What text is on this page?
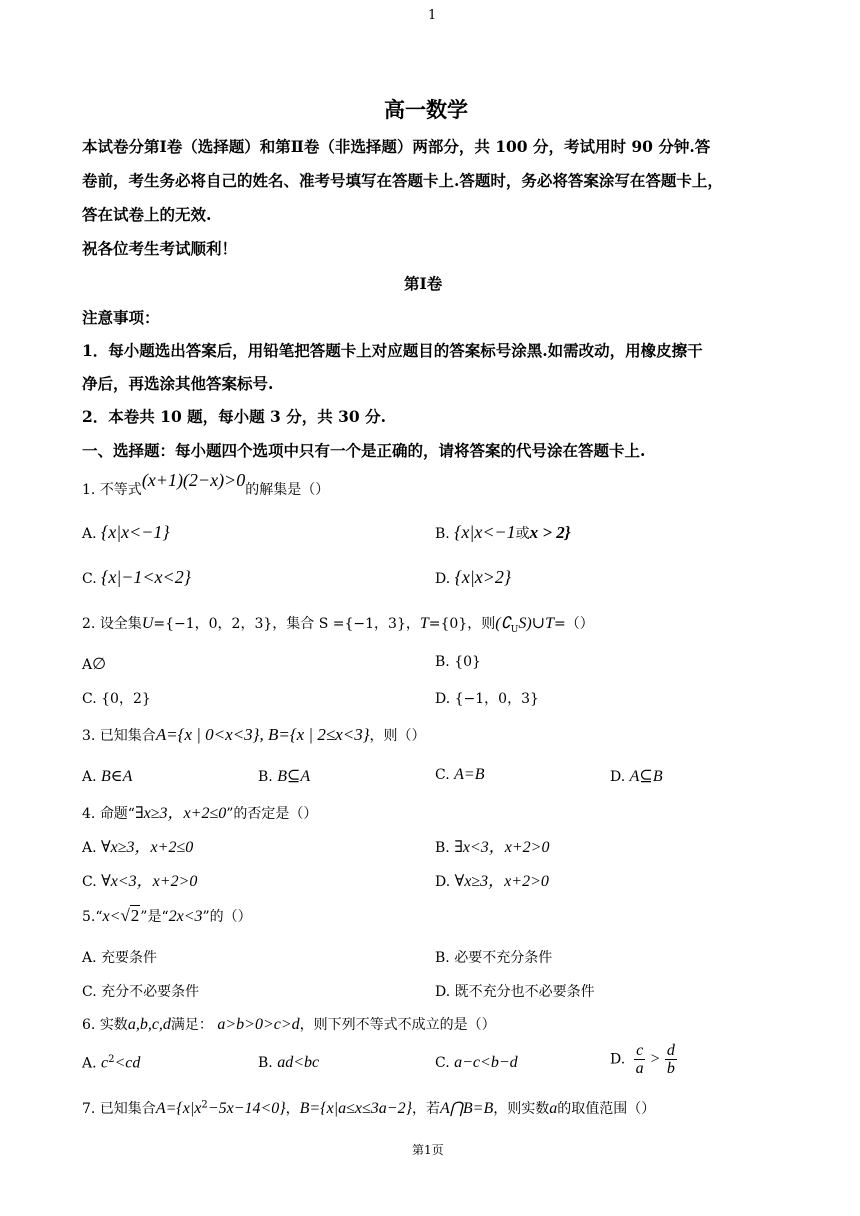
1
高一数学
本试卷分第Ⅰ卷（选择题）和第Ⅱ卷（非选择题）两部分，共 100 分，考试用时 90 分钟.答
卷前，考生务必将自己的姓名、准考号填写在答题卡上.答题时，务必将答案涂写在答题卡上，
答在试卷上的无效.
祝各位考生考试顺利！
第Ⅰ卷
注意事项：
1．每小题选出答案后，用铅笔把答题卡上对应题目的答案标号涂黑.如需改动，用橡皮擦干
净后，再选涂其他答案标号.
2．本卷共 10 题，每小题 3 分，共 30 分.
一、选择题：每小题四个选项中只有一个是正确的，请将答案的代号涂在答题卡上.
1. 不等式(x+1)(2−x)>0的解集是（）
A. {x|x<−1}	B. {x|x<−1或x > 2}
C. {x|−1<x<2}	D. {x|x>2}
2. 设全集U={−1，0，2，3}，集合 S ={−1，3}，T={0}，则$(∁_US)\cup T=()$
A∅	B. {0}
C. {0，2}	D. {−1，0，3}
3. 已知集合A={x | 0<x<3}, B={x | 2≤x<3}，则（）
A. B∈A	B. B⊆A	C. A=B	D. A⊆B
4. 命题“∃x≥3，x+2≤0”的否定是（）
A. ∀x≥3，x+2≤0	B. ∃x<3，x+2>0
C. ∀x<3，x+2>0	D. ∀x≥3，x+2>0
5.“x<√2”是“2x<3”的（）
A. 充要条件	B. 必要不充分条件
C. 充分不必要条件	D. 既不充分也不必要条件
6. 实数a,b,c,d满足： a>b>0>c>d，则下列不等式不成立的是（）
A. $c^2<cd$	B. ad<bc	C. a−c<b−d	D. $\frac{c}{a} > \frac{d}{b}$
7. 已知集合$A=\{x|x^2-5x-14<0\}$，B={x|a≤x≤3a−2}，若A⋂B=B，则实数a的取值范围（）
第1页
